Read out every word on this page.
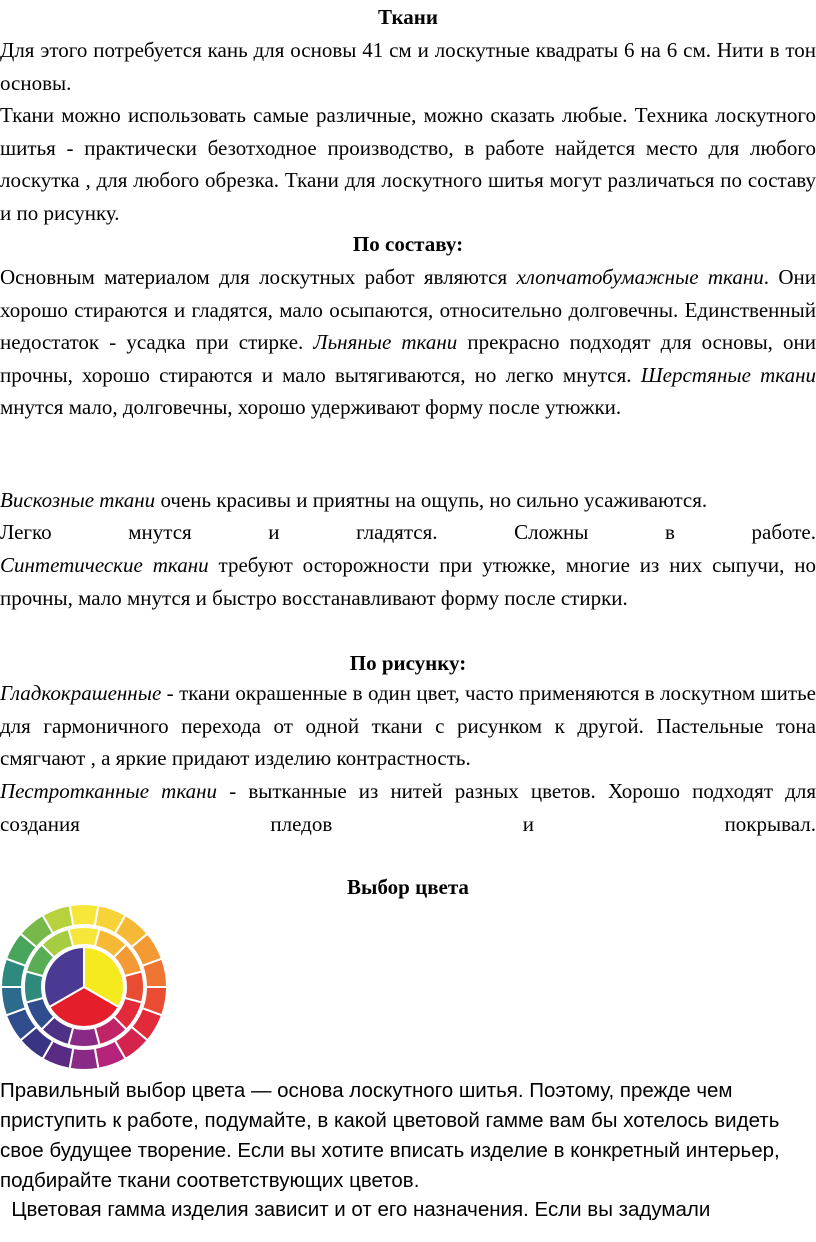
Ткани

Для этого потребуется кань для основы 41 см и лоскутные квадраты 6 на 6 см. Нити в тон основы.

Ткани можно использовать самые различные, можно сказать любые. Техника лоскутного шитья - практически безотходное производство, в работе найдется место для любого лоскутка , для любого обрезка. Ткани для лоскутного шитья могут различаться по составу и по рисунку.

По составу:

Основным материалом для лоскутных работ являются хлопчатобумажные ткани. Они хорошо стираются и гладятся, мало осыпаются, относительно долговечны. Единственный недостаток - усадка при стирке. Льняные ткани прекрасно подходят для основы, они прочны, хорошо стираются и мало вытягиваются, но легко мнутся. Шерстяные ткани мнутся мало, долговечны, хорошо удерживают форму после утюжки.

Вискозные ткани очень красивы и приятны на ощупь, но сильно усаживаются.

Легко мнутся и гладятся. Сложны в работе.

Синтетические ткани требуют осторожности при утюжке, многие из них сыпучи, но прочны, мало мнутся и быстро восстанавливают форму после стирки.

По рисунку:

Гладкокрашенные - ткани окрашенные в один цвет, часто применяются в лоскутном шитье для гармоничного перехода от одной ткани с рисунком к другой. Пастельные тона смягчают , а яркие придают изделию контрастность.

Пестротканные ткани - вытканные из нитей разных цветов. Хорошо подходят для создания пледов и покрывал.

Выбор цвета

Правильный выбор цвета — основа лоскутного шитья. Поэтому, прежде чем приступить к работе, подумайте, в какой цветовой гамме вам бы хотелось видеть свое будущее творение. Если вы хотите вписать изделие в конкретный интерьер, подбирайте ткани соответствующих цветов.

Цветовая гамма изделия зависит и от его назначения. Если вы задумали
